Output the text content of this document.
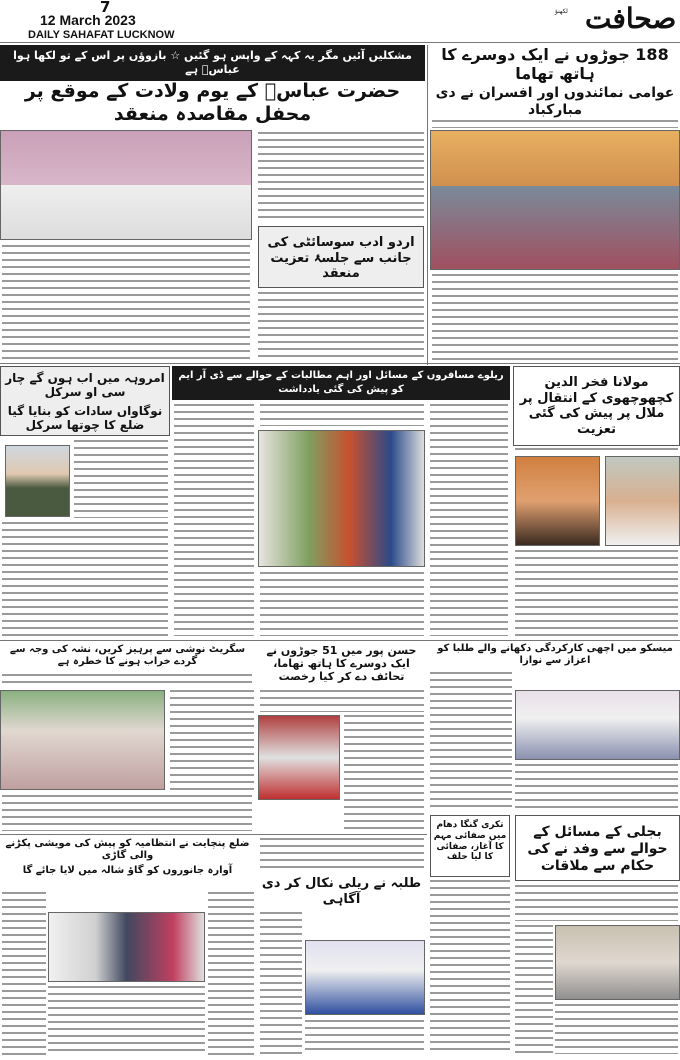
7
12 March 2023
DAILY SAHAFAT LUCKNOW	صحافت
لکھنؤ
مشکلیں آئیں مگر یہ کہہ کے واپس ہو گئیں ☆ بازوؤں پر اس کے تو لکھا ہوا عباسؑ ہے
حضرت عباسؑ کے یوم ولادت کے موقع پر محفل مقاصدہ منعقد
188 جوڑوں نے ایک دوسرے کا ہاتھ تھاما
عوامی نمائندوں اور افسران نے دی مبارکباد
اردو ادب سوسائٹی کی جانب سے جلسۂ تعزیت منعقد
امروہہ میں اب ہوں گے چار سی او سرکل
نوگاواں سادات کو بنایا گیا ضلع کا چوتھا سرکل
ریلوے مسافروں کے مسائل اور اہم مطالبات کے حوالے سے ڈی آر ایم کو پیش کی گئی یادداشت	مولانا فخر الدین کچھوچھوی کے انتقال پر ملال پر پیش کی گئی تعزیت
سگریٹ نوشی سے پرہیز کریں، نشہ کی وجہ سے گردے خراب ہونے کا خطرہ ہے
حسن پور میں 51 جوڑوں نے ایک دوسرے کا ہاتھ تھاما، تحائف دے کر کیا رخصت
میسکو میں اچھی کارکردگی دکھانے والے طلبا کو اعزاز سے نوازا
ضلع پنچایت نے انتظامیہ کو پیش کی مویشی پکڑنے والی گاڑی
آوارہ جانوروں کو گاؤ شالہ میں لایا جائے گا
طلبہ نے ریلی نکال کر دی آگاہی
تکری گنگا دھام میں صفائی مہم کا آغاز، صفائی کا لیا حلف
بجلی کے مسائل کے حوالے سے وفد نے کی حکام سے ملاقات
